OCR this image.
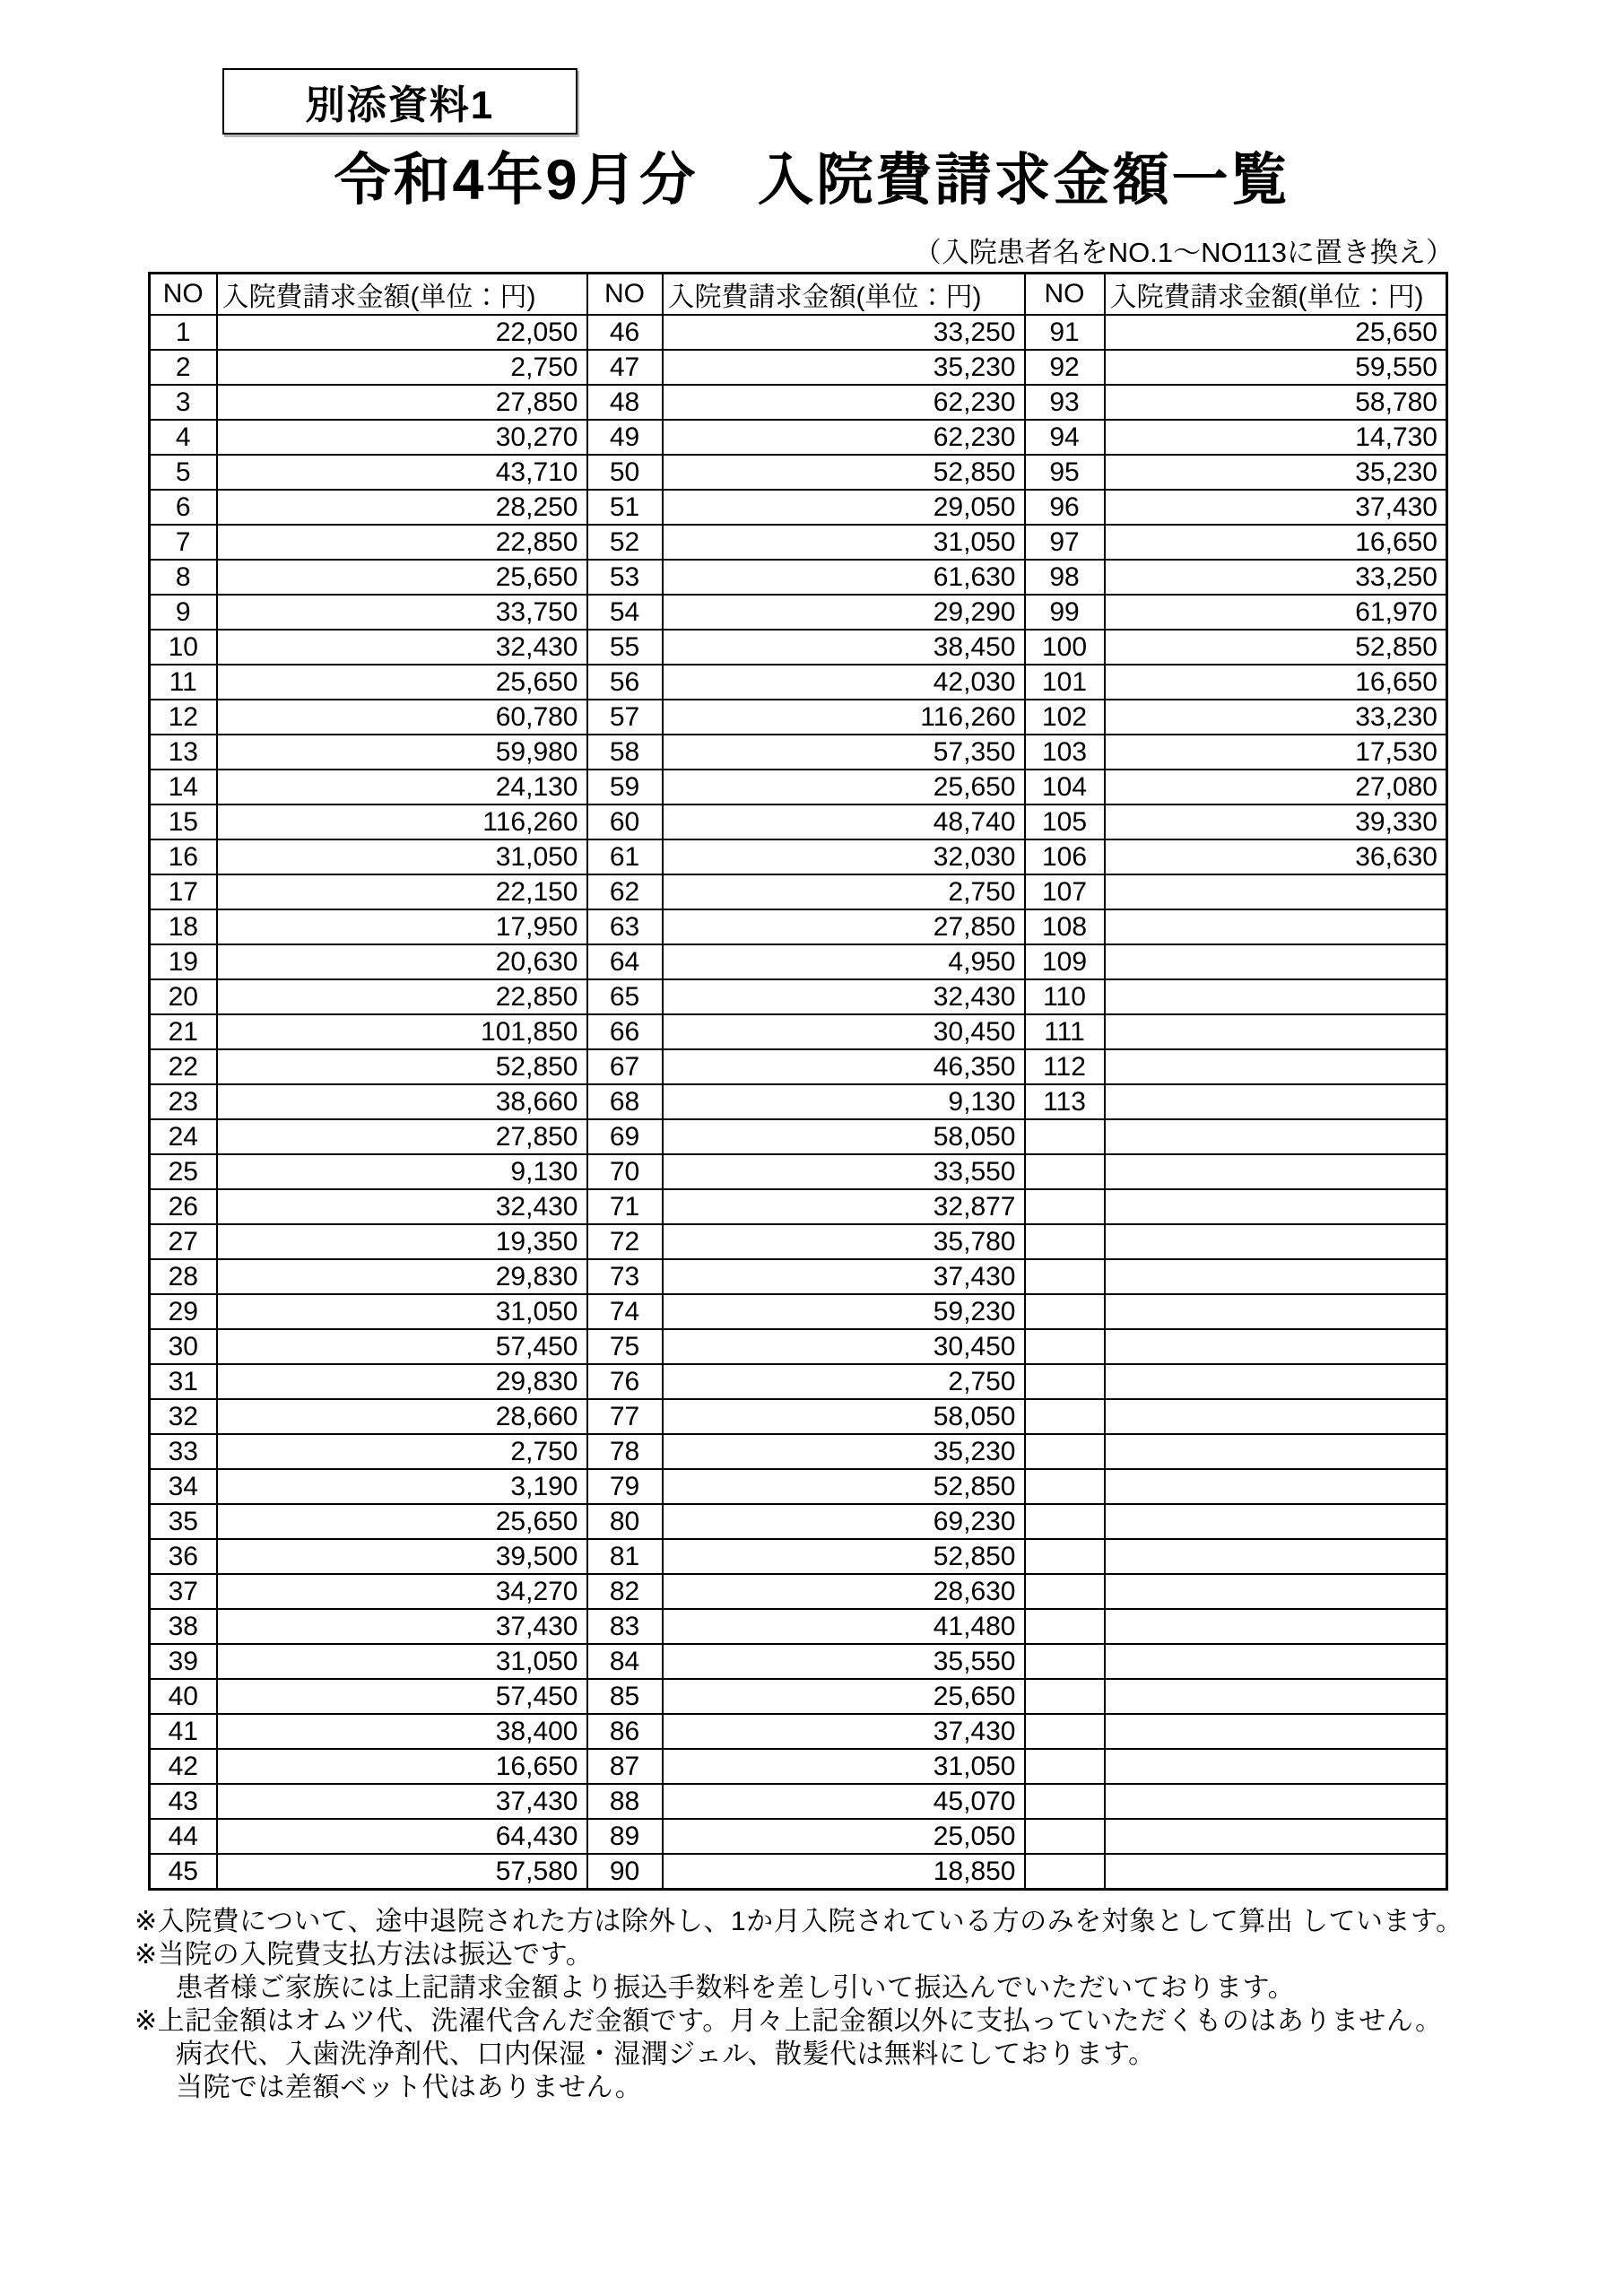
別添資料1
令和4年9月分　入院費請求金額一覧
（入院患者名をNO.1～NO113に置き換え）
NO	入院費請求金額(単位：円)	NO	入院費請求金額(単位：円)	NO	入院費請求金額(単位：円)
1	22,050	46	33,250	91	25,650
2	2,750	47	35,230	92	59,550
3	27,850	48	62,230	93	58,780
4	30,270	49	62,230	94	14,730
5	43,710	50	52,850	95	35,230
6	28,250	51	29,050	96	37,430
7	22,850	52	31,050	97	16,650
8	25,650	53	61,630	98	33,250
9	33,750	54	29,290	99	61,970
10	32,430	55	38,450	100	52,850
11	25,650	56	42,030	101	16,650
12	60,780	57	116,260	102	33,230
13	59,980	58	57,350	103	17,530
14	24,130	59	25,650	104	27,080
15	116,260	60	48,740	105	39,330
16	31,050	61	32,030	106	36,630
17	22,150	62	2,750	107	
18	17,950	63	27,850	108	
19	20,630	64	4,950	109	
20	22,850	65	32,430	110	
21	101,850	66	30,450	111	
22	52,850	67	46,350	112	
23	38,660	68	9,130	113	
24	27,850	69	58,050		
25	9,130	70	33,550		
26	32,430	71	32,877		
27	19,350	72	35,780		
28	29,830	73	37,430		
29	31,050	74	59,230		
30	57,450	75	30,450		
31	29,830	76	2,750		
32	28,660	77	58,050		
33	2,750	78	35,230		
34	3,190	79	52,850		
35	25,650	80	69,230		
36	39,500	81	52,850		
37	34,270	82	28,630		
38	37,430	83	41,480		
39	31,050	84	35,550		
40	57,450	85	25,650		
41	38,400	86	37,430		
42	16,650	87	31,050		
43	37,430	88	45,070		
44	64,430	89	25,050		
45	57,580	90	18,850		
※入院費について、途中退院された方は除外し、1か月入院されている方のみを対象として算出 しています。
※当院の入院費支払方法は振込です。
患者様ご家族には上記請求金額より振込手数料を差し引いて振込んでいただいております。
※上記金額はオムツ代、洗濯代含んだ金額です。月々上記金額以外に支払っていただくものはありません。
病衣代、入歯洗浄剤代、口内保湿・湿潤ジェル、散髪代は無料にしております。
当院では差額ベット代はありません。
